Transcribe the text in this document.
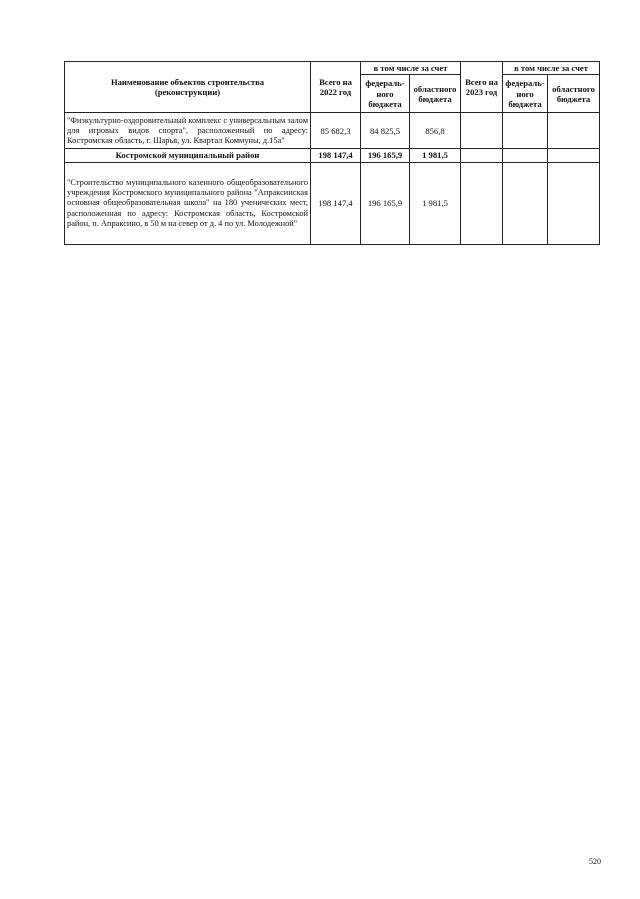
Наименование объектов строительства (реконструкции)	Всего на 2022 год	в том числе за счет		Всего на 2023 год	в том числе за счет	
		федераль-ного бюджета	областного бюджета		федераль-ного бюджета	областного бюджета
"Физкультурно-оздоровительный комплекс с универсальным залом для игровых видов спорта", расположенный по адресу: Костромская область, г. Шарья, ул. Квартал Коммуны, д.15а"	85 682,3	84 825,5	856,8			
Костромской муниципальный район	198 147,4	196 165,9	1 981,5			
"Строительство муниципального казенного общеобразовательного учреждения Костромского муниципального района "Апраксинская основная общеобразовательная школа" на 180 ученических мест, расположенная по адресу: Костромская область, Костромской район, п. Апраксино, в 50 м на север от д. 4 по ул. Молодежной"	198 147,4	196 165,9	1 981,5			
520
